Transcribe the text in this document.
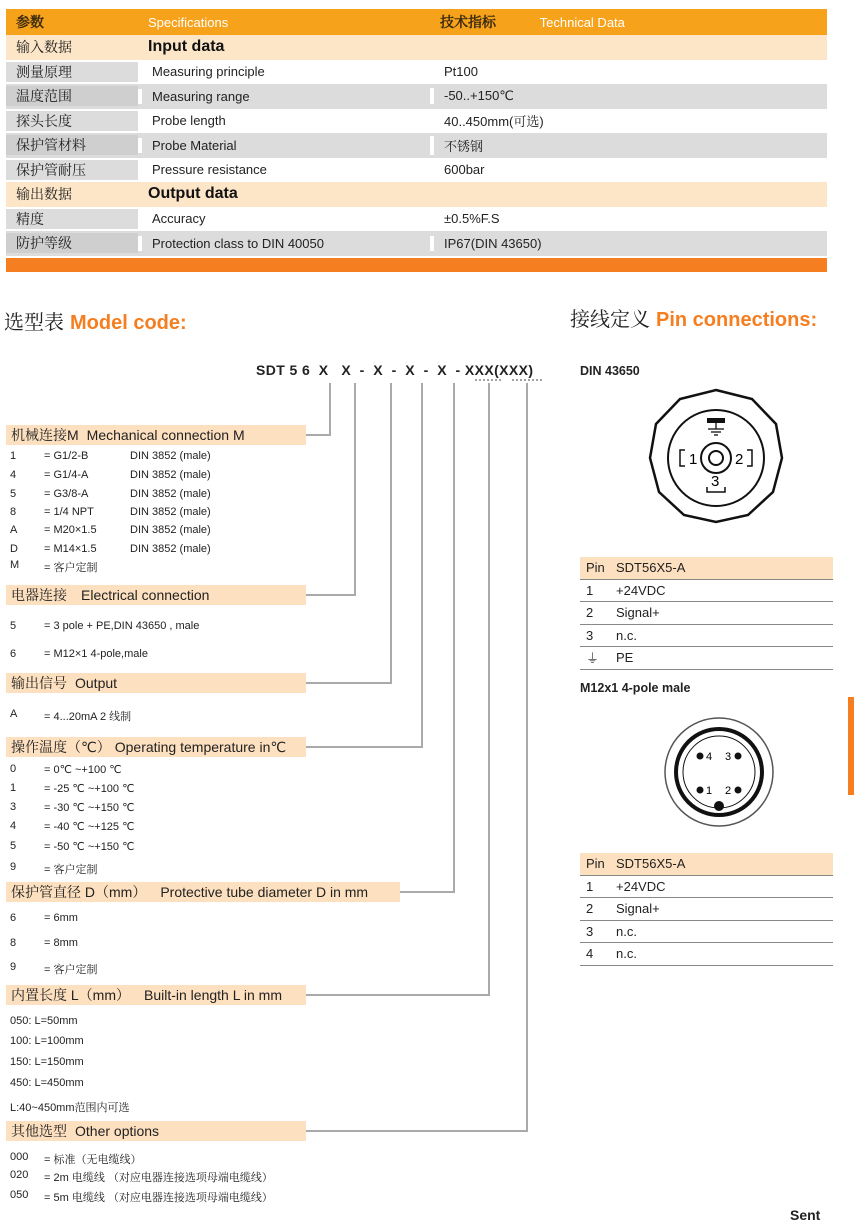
参数	Specifications	技术指标	Technical Data
输入数据	Input data
测量原理	Measuring principle	Pt100
温度范围	Measuring range	-50..+150℃
探头长度	Probe length	40..450mm(可选)
保护管材料	Probe Material	不锈钢
保护管耐压	Pressure resistance	600bar
输出数据	Output data
精度	Accuracy	±0.5%F.S
防护等级	Protection class to DIN 40050	IP67(DIN 43650)
选型表 Model code:	接线定义 Pin connections:
SDT 5 6  X   X  -  X  -  X  -  X  - XXX(XXX)
机械连接M Mechanical connection M
1	= G1/2-B	DIN 3852 (male)
4	= G1/4-A	DIN 3852 (male)
5	= G3/8-A	DIN 3852 (male)
8	= 1/4 NPT	DIN 3852 (male)
A	= M20×1.5	DIN 3852 (male)
D	= M14×1.5	DIN 3852 (male)
M	= 客户定制
电器连接 Electrical connection
5	= 3 pole + PE,DIN 43650 , male
6	= M12×1 4-pole,male
输出信号 Output
A	= 4...20mA 2 线制
操作温度（℃） Operating temperature in℃
0	= 0℃ ~+100 ℃
1	= -25 ℃ ~+100 ℃
3	= -30 ℃ ~+150 ℃
4	= -40 ℃ ~+125 ℃
5	= -50 ℃ ~+150 ℃
9	= 客户定制
保护管直径 D（mm） Protective tube diameter D in mm
6	= 6mm
8	= 8mm
9	= 客户定制
内置长度 L（mm） Built-in length L in mm
050: L=50mm
100: L=100mm
150: L=150mm
450: L=450mm
L:40~450mm范围内可选
其他选型 Other options
000	= 标准（无电缆线）
020	= 2m 电缆线 （对应电器连接选项母端电缆线）
050	= 5m 电缆线 （对应电器连接选项母端电缆线）
DIN 43650
1	2
3
Pin SDT56X5-A
1	+24VDC
2	Signal+
3	n.c.
⏚	PE
M12x1 4-pole male
4 3
1 2
Pin SDT56X5-A
1	+24VDC
2	Signal+
3	n.c.
4	n.c.
Sent
